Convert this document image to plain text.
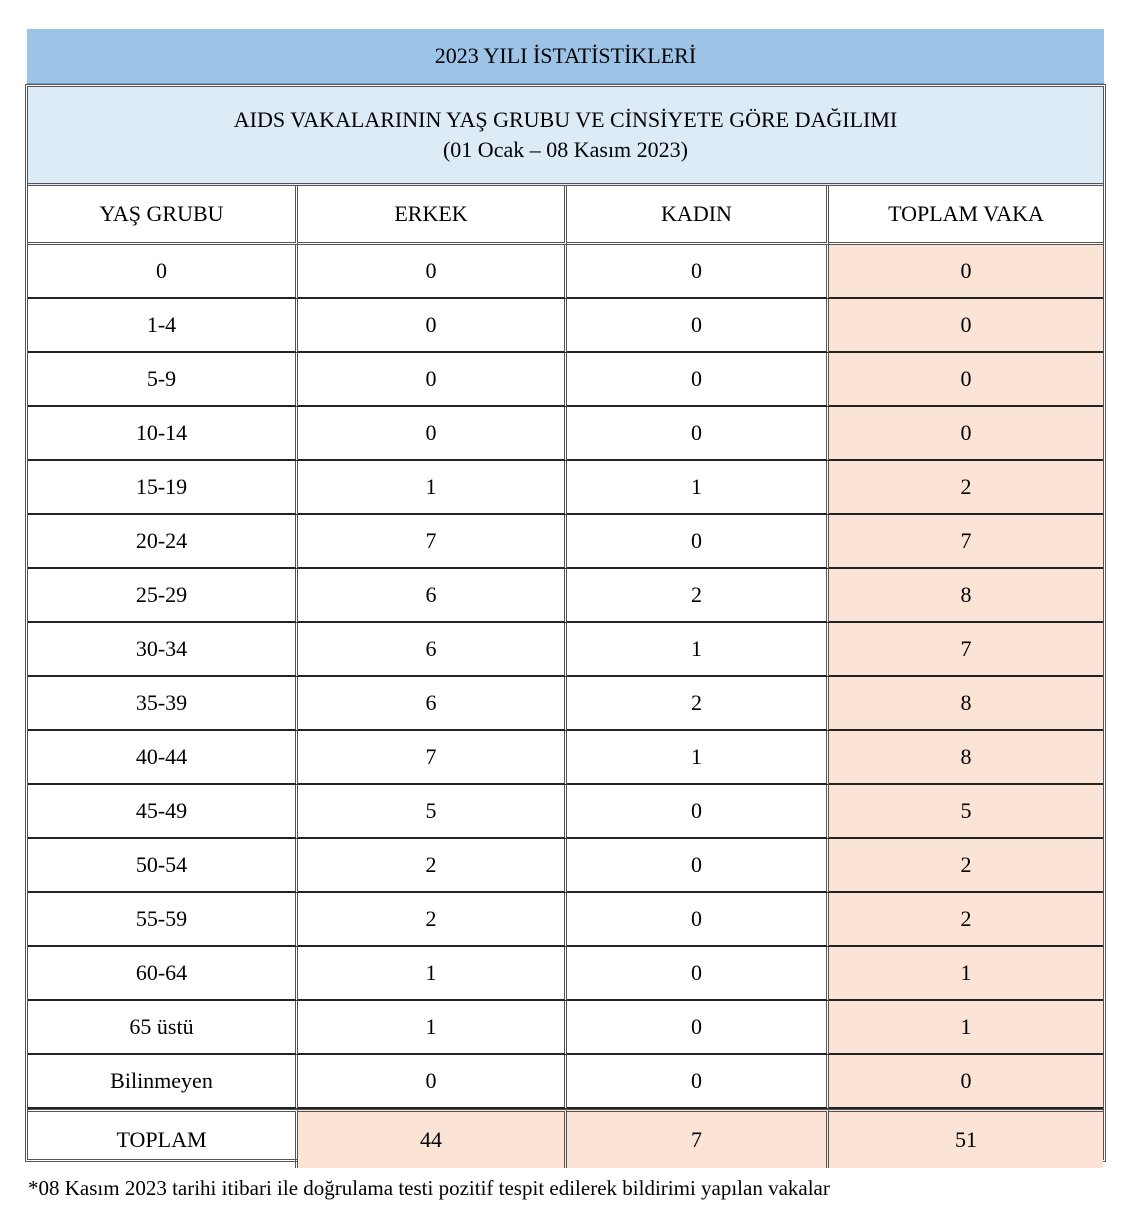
2023 YILI İSTATİSTİKLERİ
AIDS VAKALARININ YAŞ GRUBU VE CİNSİYETE GÖRE DAĞILIMI
(01 Ocak – 08 Kasım 2023)			

YAŞ GRUBU	ERKEK	KADIN	TOPLAM VAKA
0	0	0	0
1-4	0	0	0
5-9	0	0	0
10-14	0	0	0
15-19	1	1	2
20-24	7	0	7
25-29	6	2	8
30-34	6	1	7
35-39	6	2	8
40-44	7	1	8
45-49	5	0	5
50-54	2	0	2
55-59	2	0	2
60-64	1	0	1
65 üstü	1	0	1
Bilinmeyen	0	0	0
TOPLAM	44	7	51
*08 Kasım 2023 tarihi itibari ile doğrulama testi pozitif tespit edilerek bildirimi yapılan vakalar
